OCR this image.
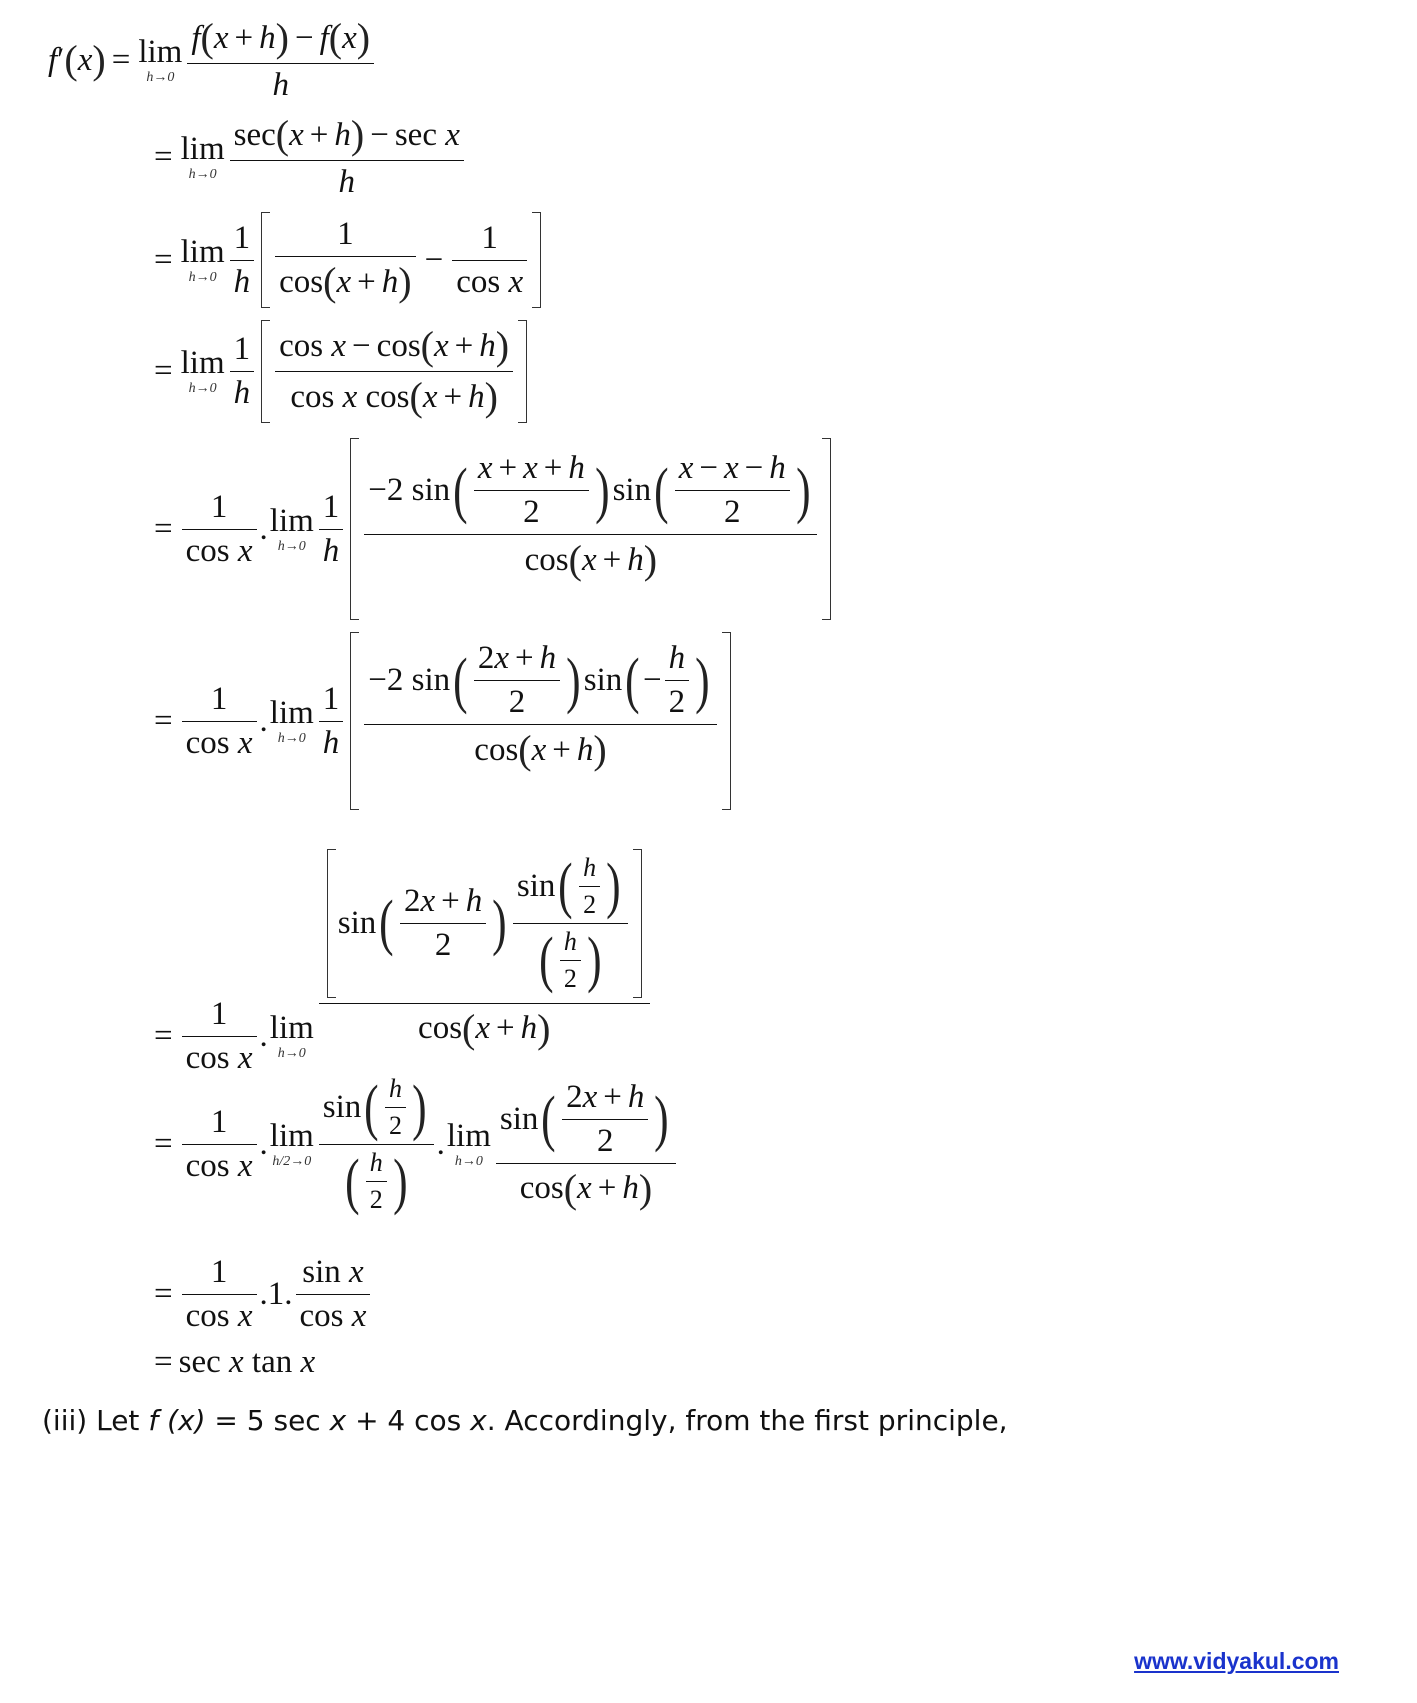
f ′
( x
) = lim
h→0 f
( x + h
) − f
( x
)
h
= lim
h→0 sec
( x + h
) − sec
x
h
= lim
$h\to 0 \frac{1}{h} 1$
cos
( x + h
) − 1
cos
x
= lim
$h\to 0 \frac{1}{h}$ cos
x − cos
( x + h
)
cos
x
cos
( x + h
)
= 1
cos
x . lim
$h\to 0 \frac{1}{h} -2$
sin
( $\frac{x + x + h}{2}$
) sin
( $\frac{x - x - h}{2}$
)
cos
( x + h
)
= 1
cos
x . lim
$h\to 0 \frac{1}{h} -2$
sin
( $\frac{2 x + h}{2}$
) sin
( − $\frac{h}{2}$
)
cos
( x + h
)
= 1
cos
x . lim
h→0
sin
( $\frac{2 x + h}{2}$
) sin
( $\frac{h}{2}$
)
( $\frac{h}{2}$
)
cos
( x + h
)
= 1
cos
x . lim
h/2→0 sin
( $\frac{h}{2}$
)
( $\frac{h}{2}$
) . lim
h→0 sin
( $\frac{2 x + h}{2}$
)
cos
( x + h
)
= 1
cos
x . 1 . sin
x
cos
x
= sec
x
tan
x
(iii) Let f (x) = 5 sec x + 4 cos x. Accordingly, from the first principle,
www.vidyakul.com
